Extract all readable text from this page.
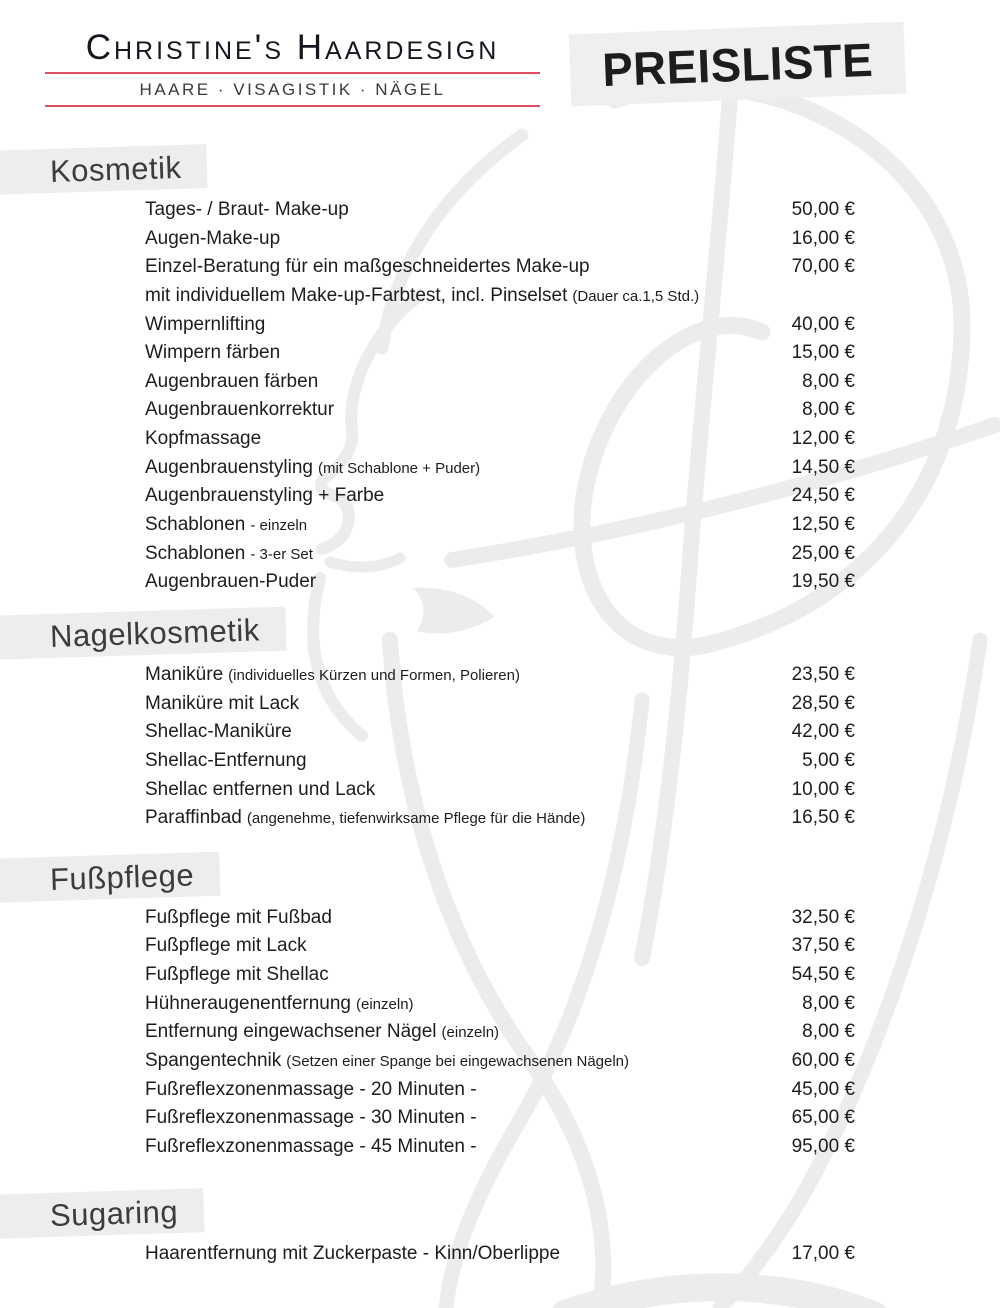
Christine's Haardesign
HAARE · VISAGISTIK · NÄGEL	PREISLISTE
Kosmetik
Tages- / Braut- Make-up	50,00 €
Augen-Make-up	16,00 €
Einzel-Beratung für ein maßgeschneidertes Make-up	70,00 €
mit individuellem Make-up-Farbtest, incl. Pinselset (Dauer ca.1,5 Std.)
Wimpernlifting	40,00 €
Wimpern färben	15,00 €
Augenbrauen färben	8,00 €
Augenbrauenkorrektur	8,00 €
Kopfmassage	12,00 €
Augenbrauenstyling (mit Schablone + Puder)	14,50 €
Augenbrauenstyling + Farbe	24,50 €
Schablonen - einzeln	12,50 €
Schablonen - 3-er Set	25,00 €
Augenbrauen-Puder	19,50 €
Nagelkosmetik
Maniküre (individuelles Kürzen und Formen, Polieren)	23,50 €
Maniküre mit Lack	28,50 €
Shellac-Maniküre	42,00 €
Shellac-Entfernung	5,00 €
Shellac entfernen und Lack	10,00 €
Paraffinbad (angenehme, tiefenwirksame Pflege für die Hände)	16,50 €
Fußpflege
Fußpflege mit Fußbad	32,50 €
Fußpflege mit Lack	37,50 €
Fußpflege mit Shellac	54,50 €
Hühneraugenentfernung (einzeln)	8,00 €
Entfernung eingewachsener Nägel (einzeln)	8,00 €
Spangentechnik (Setzen einer Spange bei eingewachsenen Nägeln)	60,00 €
Fußreflexzonenmassage - 20 Minuten -	45,00 €
Fußreflexzonenmassage - 30 Minuten -	65,00 €
Fußreflexzonenmassage - 45 Minuten -	95,00 €
Sugaring
Haarentfernung mit Zuckerpaste - Kinn/Oberlippe	17,00 €
